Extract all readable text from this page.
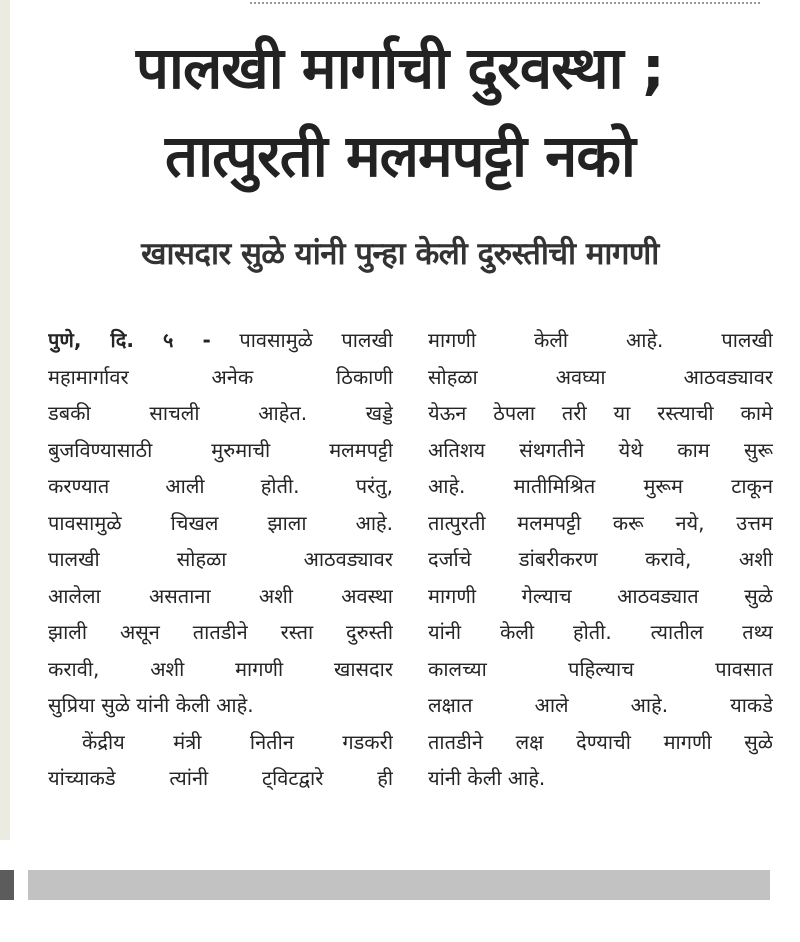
पालखी मार्गाची दुरवस्था ;
तात्पुरती मलमपट्टी नको
खासदार सुळे यांनी पुन्हा केली दुरुस्तीची मागणी
पुणे, दि. ५ - पावसामुळे पालखी
महामार्गावर अनेक ठिकाणी
डबकी साचली आहेत. खड्डे
बुजविण्यासाठी मुरुमाची मलमपट्टी
करण्यात आली होती. परंतु,
पावसामुळे चिखल झाला आहे.
पालखी सोहळा आठवड्यावर
आलेला असताना अशी अवस्था
झाली असून तातडीने रस्ता दुरुस्ती
करावी, अशी मागणी खासदार
सुप्रिया सुळे यांनी केली आहे.
केंद्रीय मंत्री नितीन गडकरी
यांच्याकडे त्यांनी ट्विटद्वारे ही
मागणी केली आहे. पालखी
सोहळा अवघ्या आठवड्यावर
येऊन ठेपला तरी या रस्त्याची कामे
अतिशय संथगतीने येथे काम सुरू
आहे. मातीमिश्रित मुरूम टाकून
तात्पुरती मलमपट्टी करू नये, उत्तम
दर्जाचे डांबरीकरण करावे, अशी
मागणी गेल्याच आठवड्यात सुळे
यांनी केली होती. त्यातील तथ्य
कालच्या पहिल्याच पावसात
लक्षात आले आहे. याकडे
तातडीने लक्ष देण्याची मागणी सुळे
यांनी केली आहे.
